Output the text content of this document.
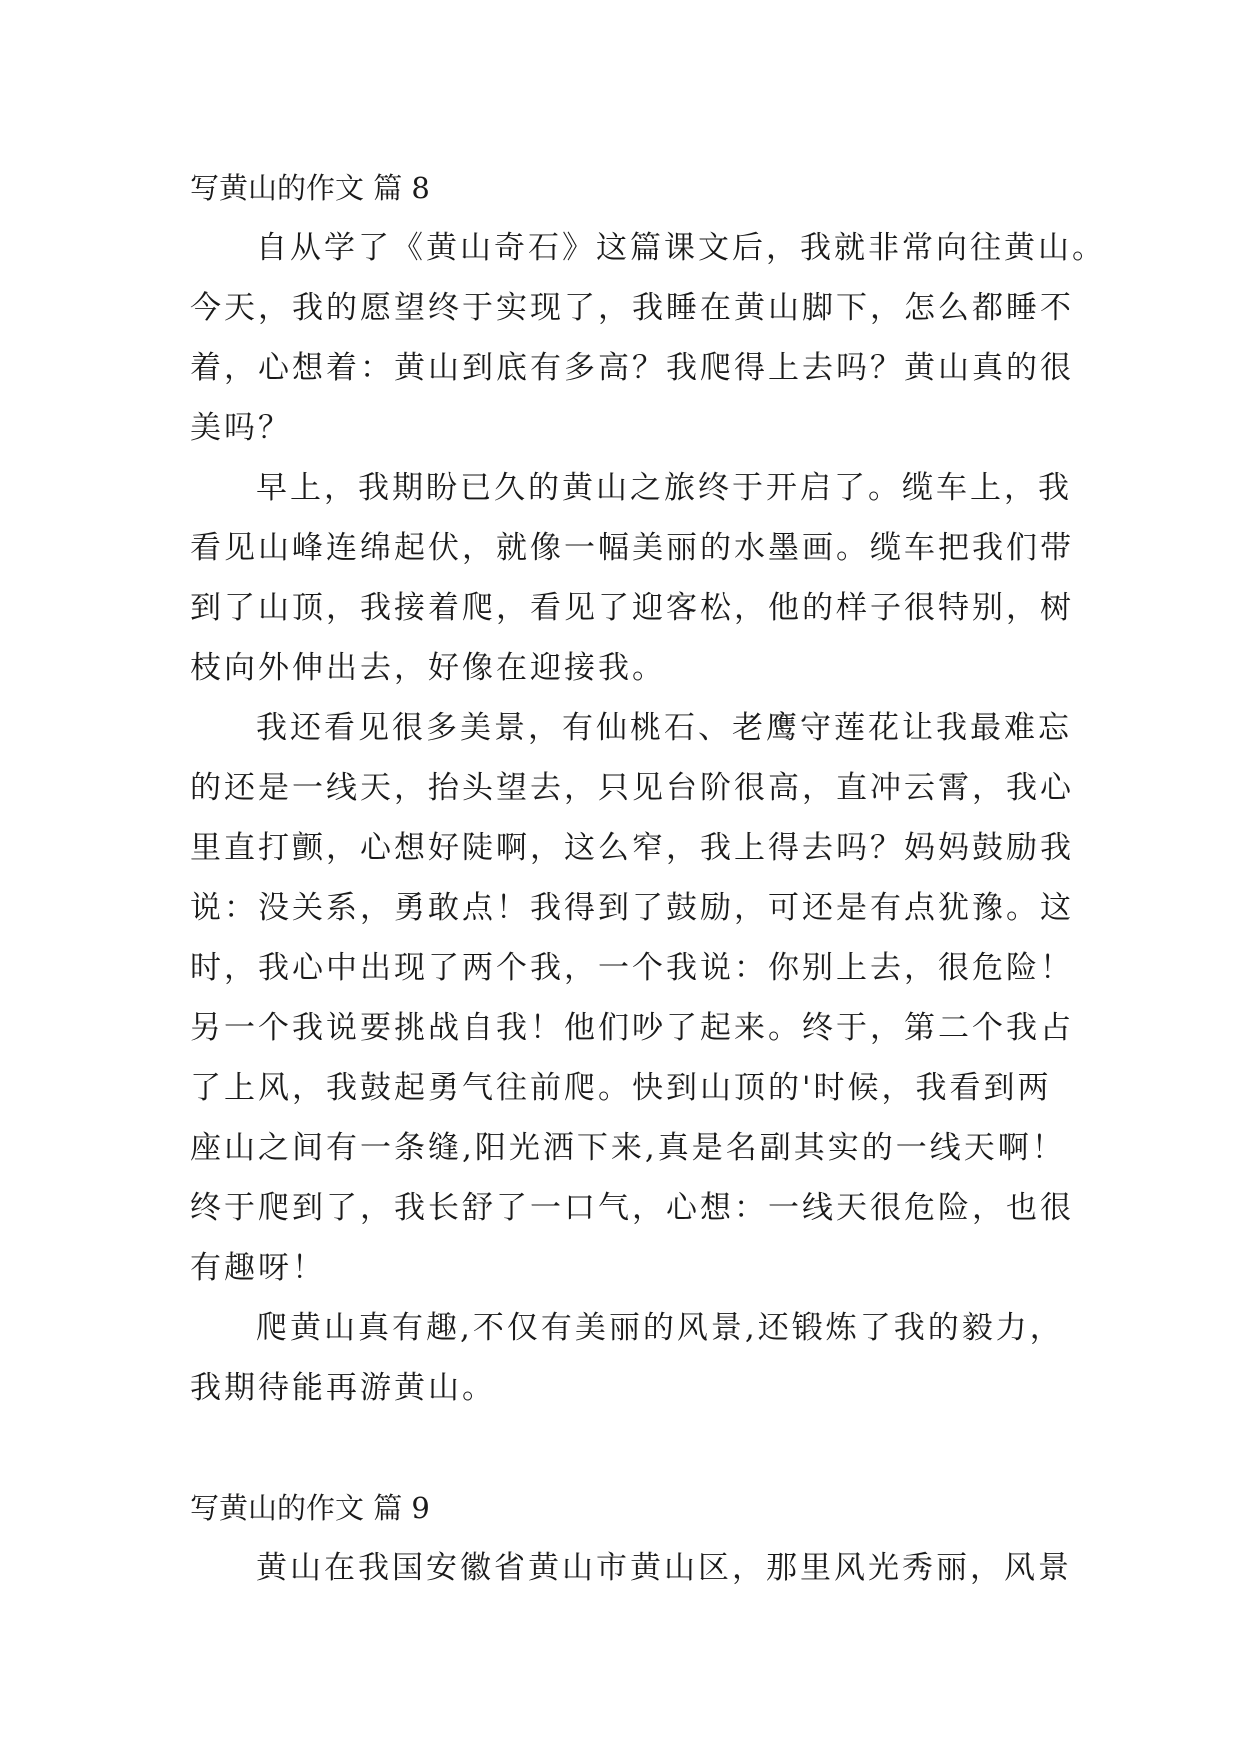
写黄山的作文 篇 8
自从学了《黄山奇石》这篇课文后，我就非常向往黄山。
今天，我的愿望终于实现了，我睡在黄山脚下，怎么都睡不
着，心想着：黄山到底有多高？我爬得上去吗？黄山真的很
美吗？
早上，我期盼已久的黄山之旅终于开启了。缆车上，我
看见山峰连绵起伏，就像一幅美丽的水墨画。缆车把我们带
到了山顶，我接着爬，看见了迎客松，他的样子很特别，树
枝向外伸出去，好像在迎接我。
我还看见很多美景，有仙桃石、老鹰守莲花让我最难忘
的还是一线天，抬头望去，只见台阶很高，直冲云霄，我心
里直打颤，心想好陡啊，这么窄，我上得去吗？妈妈鼓励我
说：没关系，勇敢点！我得到了鼓励，可还是有点犹豫。这
时，我心中出现了两个我，一个我说：你别上去，很危险！
另一个我说要挑战自我！他们吵了起来。终于，第二个我占
了上风，我鼓起勇气往前爬。快到山顶的'时候，我看到两
座山之间有一条缝,阳光洒下来,真是名副其实的一线天啊！
终于爬到了，我长舒了一口气，心想：一线天很危险，也很
有趣呀！
爬黄山真有趣,不仅有美丽的风景,还锻炼了我的毅力，
我期待能再游黄山。
写黄山的作文 篇 9
黄山在我国安徽省黄山市黄山区，那里风光秀丽，风景
